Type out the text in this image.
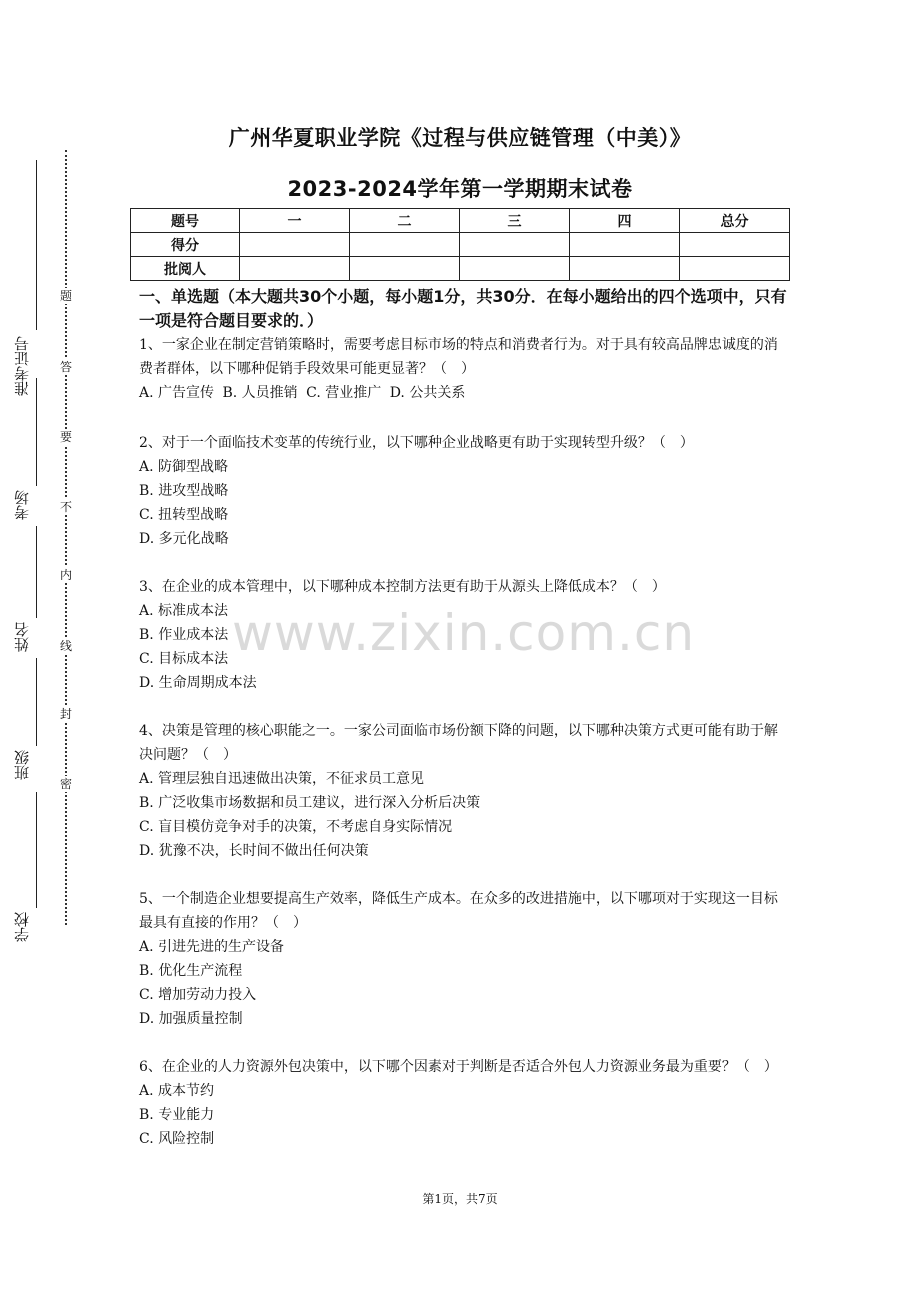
题
答
要
不
内
线
封
密
准考证号
考场
姓名
班级
学校
广州华夏职业学院《过程与供应链管理（中美）》
2023-2024学年第一学期期末试卷
题号	一	二	三	四	总分
得分					
批阅人					

一、单选题（本大题共30个小题，每小题1分，共30分．在每小题给出的四个选项中，只有一项是符合题目要求的．）

1、一家企业在制定营销策略时，需要考虑目标市场的特点和消费者行为。对于具有较高品牌忠诚度的消费者群体，以下哪种促销手段效果可能更显著？（　）

A. 广告宣传 B. 人员推销 C. 营业推广 D. 公共关系

2、对于一个面临技术变革的传统行业，以下哪种企业战略更有助于实现转型升级？（　）

A. 防御型战略

B. 进攻型战略

C. 扭转型战略

D. 多元化战略

3、在企业的成本管理中，以下哪种成本控制方法更有助于从源头上降低成本？（　）

A. 标准成本法

B. 作业成本法

C. 目标成本法

D. 生命周期成本法

4、决策是管理的核心职能之一。一家公司面临市场份额下降的问题，以下哪种决策方式更可能有助于解决问题？（　）

A. 管理层独自迅速做出决策，不征求员工意见

B. 广泛收集市场数据和员工建议，进行深入分析后决策

C. 盲目模仿竞争对手的决策，不考虑自身实际情况

D. 犹豫不决，长时间不做出任何决策

5、一个制造企业想要提高生产效率，降低生产成本。在众多的改进措施中，以下哪项对于实现这一目标最具有直接的作用？（　）

A. 引进先进的生产设备

B. 优化生产流程

C. 增加劳动力投入

D. 加强质量控制

6、在企业的人力资源外包决策中，以下哪个因素对于判断是否适合外包人力资源业务最为重要？（　）

A. 成本节约

B. 专业能力

C. 风险控制

www.zixin.com.cn
第1页，共7页
